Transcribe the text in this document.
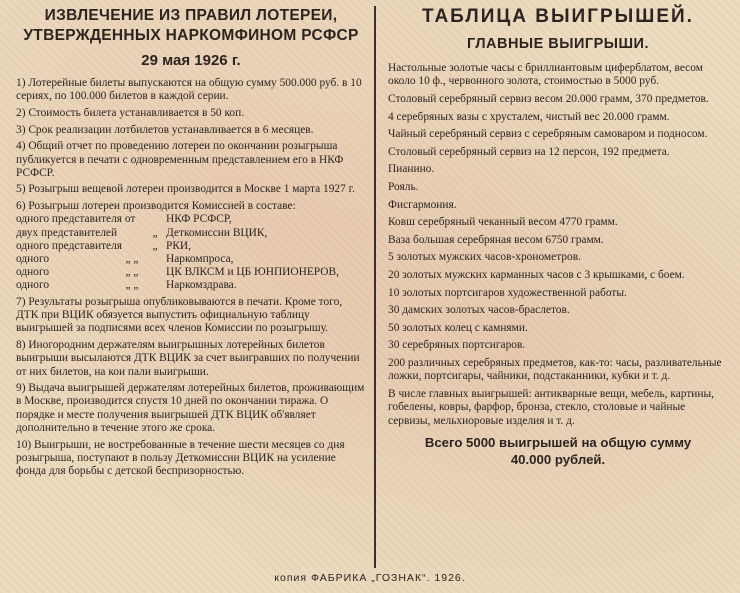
ИЗВЛЕЧЕНИЕ ИЗ ПРАВИЛ ЛОТЕРЕИ,

УТВЕРЖДЕННЫХ НАРКОМФИНОМ РСФСР

29 мая 1926 г.

1) Лотерейные билеты выпускаются на общую сумму 500.000 руб. в 10 сериях, по 100.000 билетов в каждой серии.

2) Стоимость билета устанавливается в 50 коп.

3) Срок реализации лотбилетов устанавливается в 6 месяцев.

4) Общий отчет по проведению лотереи по окончании розыгрыша публикуется в печати с одновременным представлением его в НКФ РСФСР.

5) Розыгрыш вещевой лотереи производится в Москве 1 марта 1927 г.

6) Розыгрыш лотереи производится Комиссией в составе:

одного представителя от	НКФ РСФСР,
двух представителей	„ Деткомиссии ВЦИК,
одного представителя	„ РКИ,
одного	„ „	Наркомпроса,
одного	„ „	ЦК ВЛКСМ и ЦБ ЮНПИОНЕРОВ,
одного	„ „	Наркомздрава.

7) Результаты розыгрыша опубликовываются в печати. Кроме того, ДТК при ВЦИК обязуется выпустить официальную таблицу выигрышей за подписями всех членов Комиссии по розыгрышу.

8) Иногородним держателям выигрышных лотерейных билетов выигрыши высылаются ДТК ВЦИК за счет выигравших по получении от них билетов, на кои пали выигрыши.

9) Выдача выигрышей держателям лотерейных билетов, проживающим в Москве, производится спустя 10 дней по окончании тиража. О порядке и месте получения выигрышей ДТК ВЦИК об'являет дополнительно в течение этого же срока.

10) Выигрыши, не востребованные в течение шести месяцев со дня розыгрыша, поступают в пользу Деткомиссии ВЦИК на усиление фонда для борьбы с детской беспризорностью.

ТАБЛИЦА ВЫИГРЫШЕЙ.

ГЛАВНЫЕ ВЫИГРЫШИ.

Настольные золотые часы с бриллиантовым циферблатом, весом около 10 ф., червонного золота, стоимостью в 5000 руб.

Столовый серебряный сервиз весом 20.000 грамм, 370 предметов.

4 серебряных вазы с хрусталем, чистый вес 20.000 грамм.

Чайный серебряный сервиз с серебряным самоваром и подносом.

Столовый серебряный сервиз на 12 персон, 192 предмета.

Пианино.

Рояль.

Фисгармония.

Ковш серебряный чеканный весом 4770 грамм.

Ваза большая серебряная весом 6750 грамм.

5 золотых мужских часов-хронометров.

20 золотых мужских карманных часов с 3 крышками, с боем.

10 золотых портсигаров художественной работы.

30 дамских золотых часов-браслетов.

50 золотых колец с камнями.

30 серебряных портсигаров.

200 различных серебряных предметов, как-то: часы, разливательные ложки, портсигары, чайники, подстаканники, кубки и т. д.

В числе главных выигрышей: антикварные вещи, мебель, картины, гобелены, ковры, фарфор, бронза, стекло, столовые и чайные сервизы, мельхиоровые изделия и т. д.

Всего 5000 выигрышей на общую сумму
40.000 рублей.
копия ФАБРИКА „ГОЗНАК“. 1926.
